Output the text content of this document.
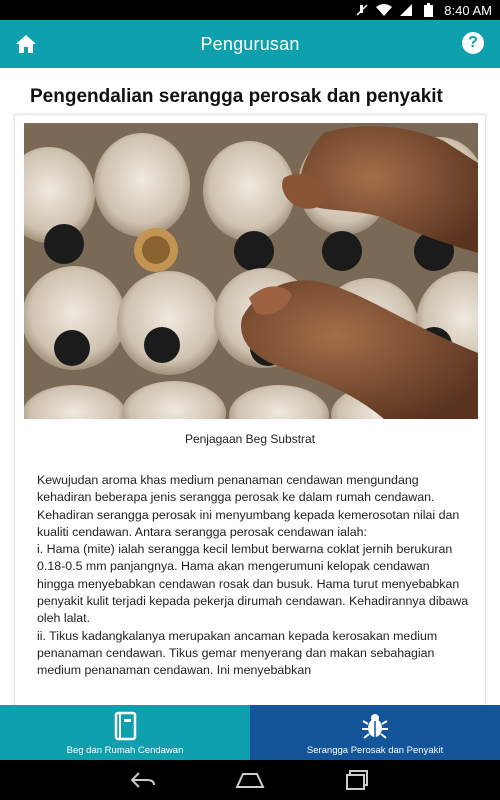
8:40 AM
Pengurusan	?
Pengendalian serangga perosak dan penyakit
Penjagaan Beg Substrat

Kewujudan aroma khas medium penanaman cendawan mengundang kehadiran beberapa jenis serangga perosak ke dalam rumah cendawan. Kehadiran serangga perosak ini menyumbang kepada kemerosotan nilai dan kualiti cendawan. Antara serangga perosak cendawan ialah:

i. Hama (mite) ialah serangga kecil lembut berwarna coklat jernih berukuran 0.18-0.5 mm panjangnya. Hama akan mengerumuni kelopak cendawan hingga menyebabkan cendawan rosak dan busuk. Hama turut menyebabkan penyakit kulit terjadi kepada pekerja dirumah cendawan. Kehadirannya dibawa oleh lalat.

ii. Tikus kadangkalanya merupakan ancaman kepada kerosakan medium penanaman cendawan. Tikus gemar menyerang dan makan sebahagian medium penanaman cendawan. Ini menyebabkan

Beg dan Rumah Cendawan	Serangga Perosak dan Penyakit
